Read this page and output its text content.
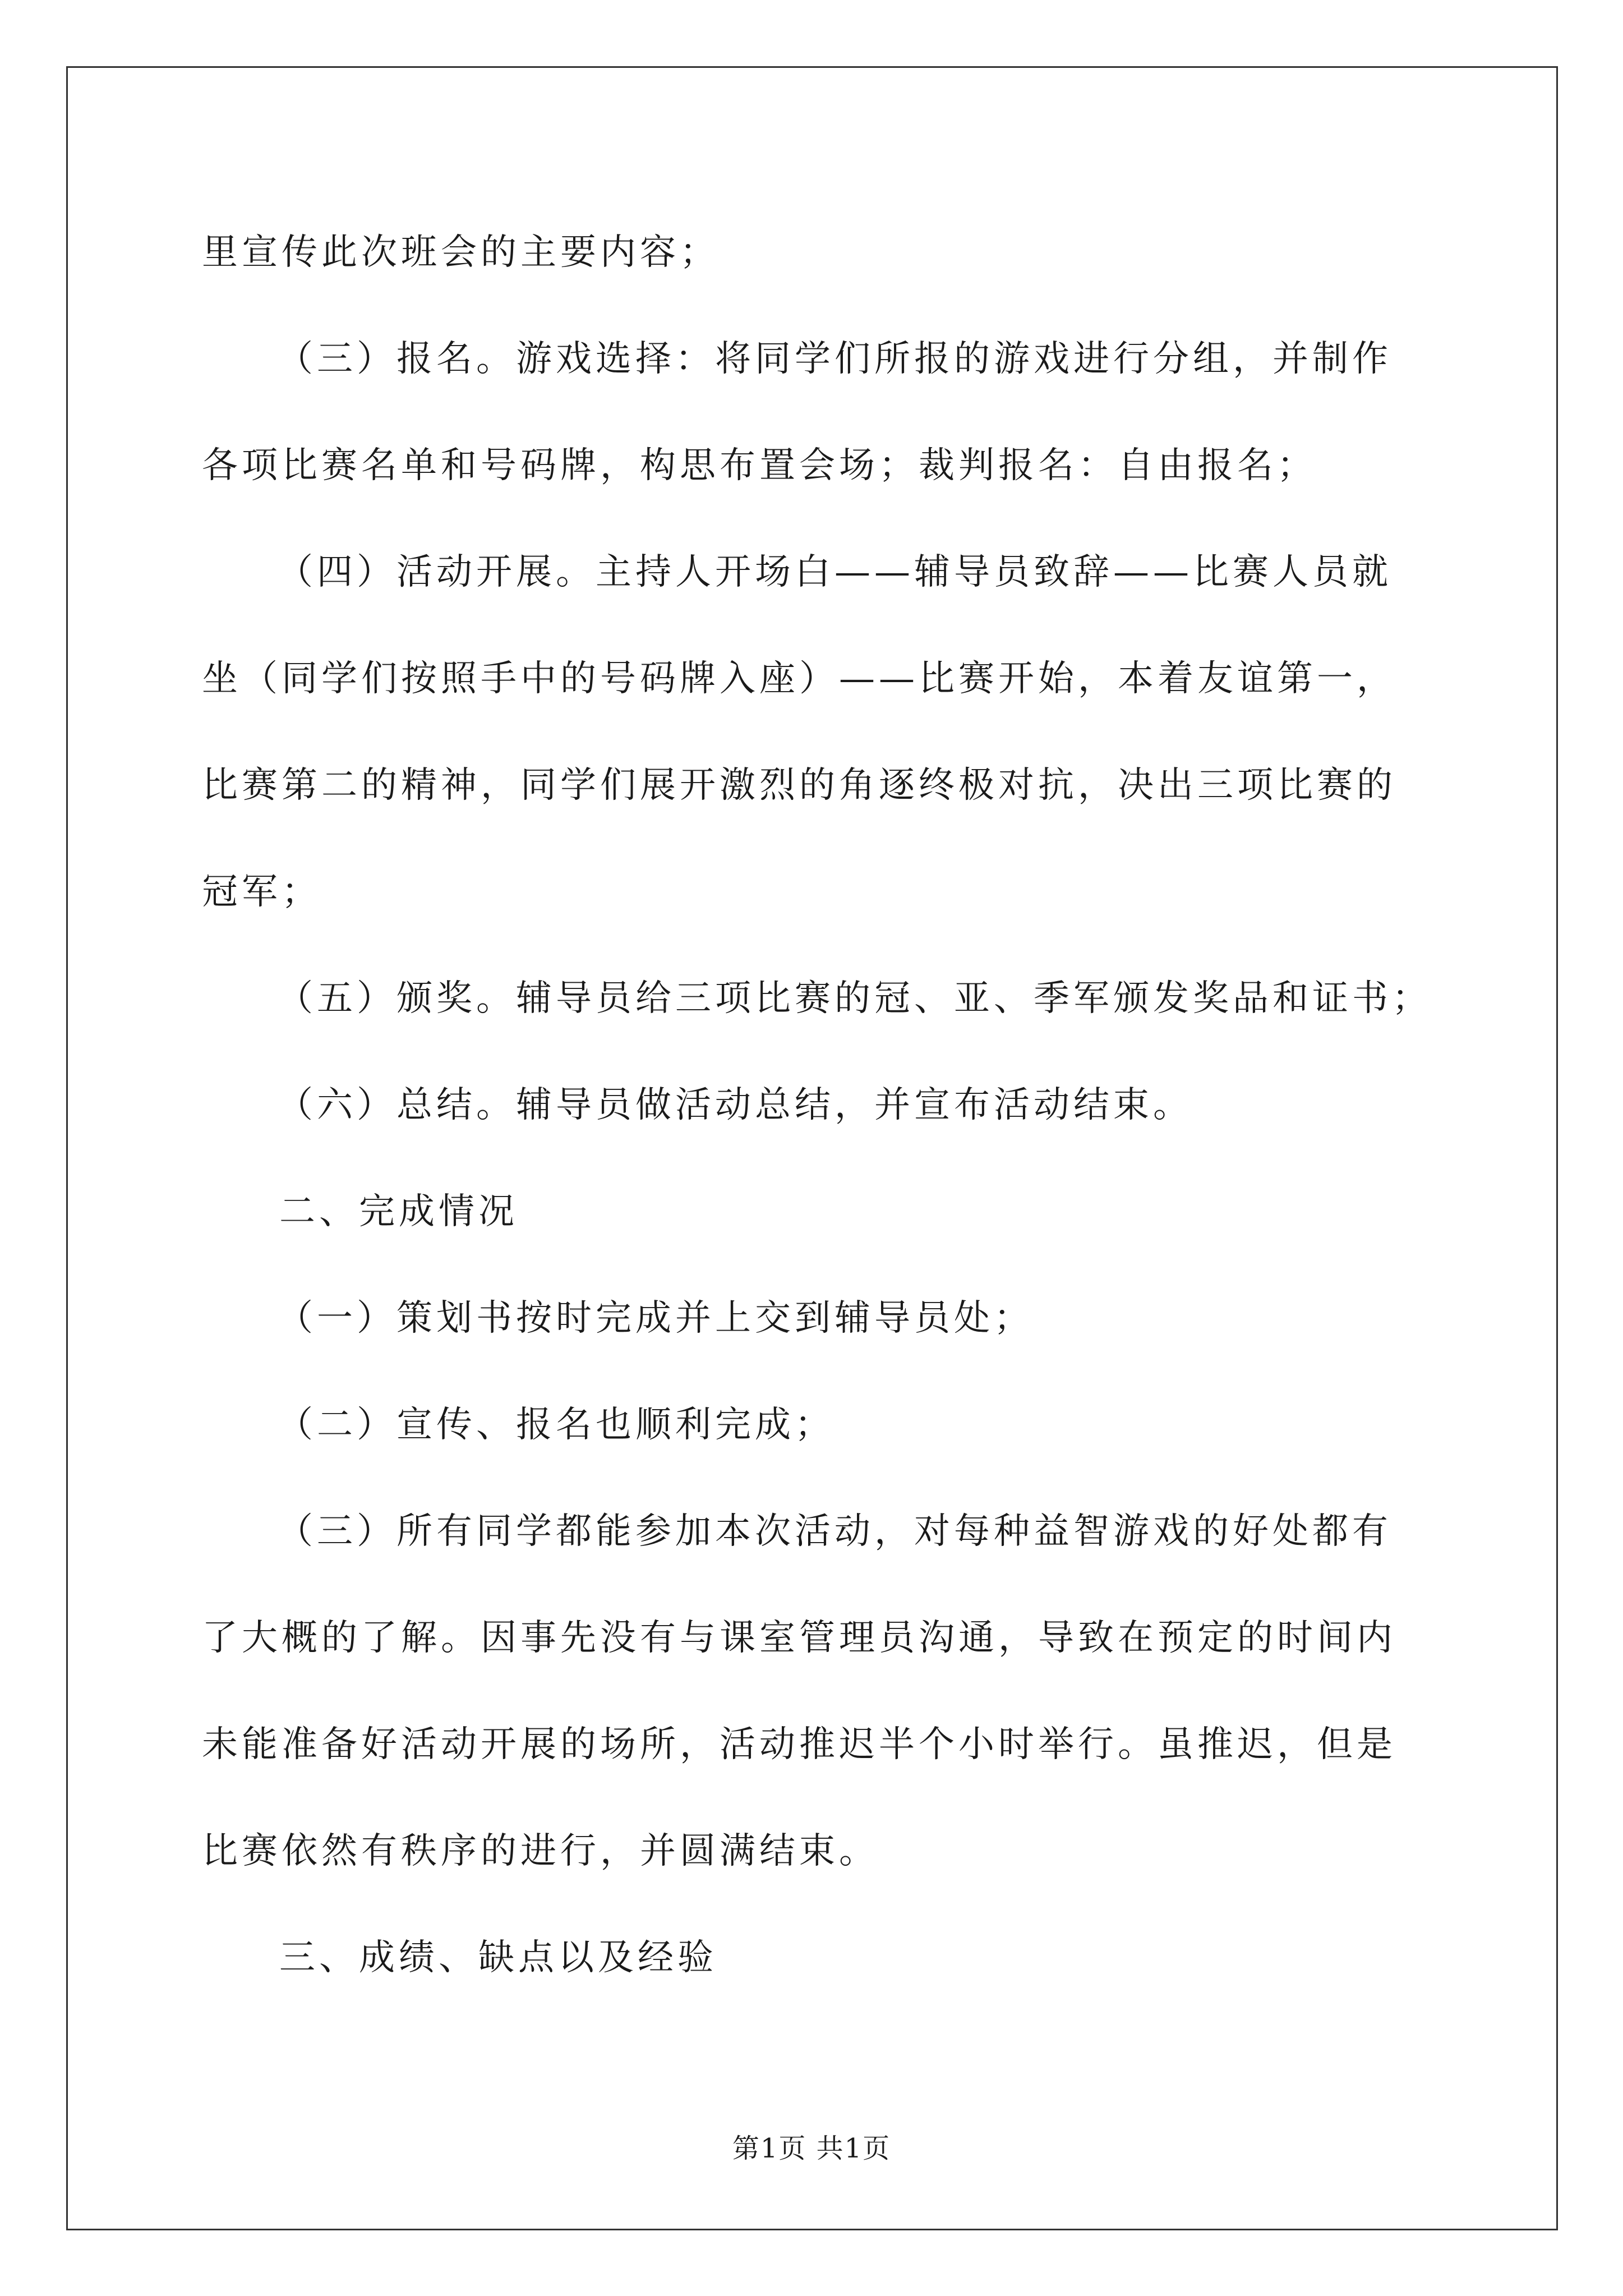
里宣传此次班会的主要内容；
（三）报名。游戏选择：将同学们所报的游戏进行分组，并制作
各项比赛名单和号码牌，构思布置会场；裁判报名：自由报名；
（四）活动开展。主持人开场白——辅导员致辞——比赛人员就
坐（同学们按照手中的号码牌入座）——比赛开始，本着友谊第一，
比赛第二的精神，同学们展开激烈的角逐终极对抗，决出三项比赛的
冠军；
（五）颁奖。辅导员给三项比赛的冠、亚、季军颁发奖品和证书；
（六）总结。辅导员做活动总结，并宣布活动结束。
二、完成情况
（一）策划书按时完成并上交到辅导员处；
（二）宣传、报名也顺利完成；
（三）所有同学都能参加本次活动，对每种益智游戏的好处都有
了大概的了解。因事先没有与课室管理员沟通，导致在预定的时间内
未能准备好活动开展的场所，活动推迟半个小时举行。虽推迟，但是
比赛依然有秩序的进行，并圆满结束。
三、成绩、缺点以及经验
第1页 共1页
